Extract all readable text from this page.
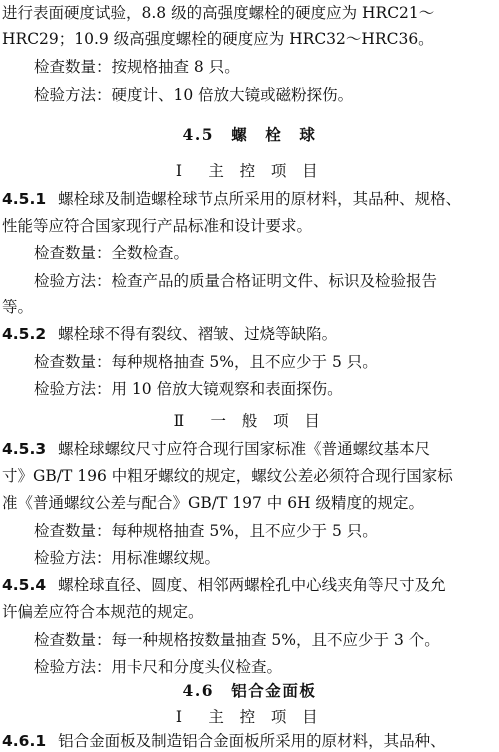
进行表面硬度试验，8.8 级的高强度螺栓的硬度应为 HRC21～
HRC29；10.9 级高强度螺栓的硬度应为 HRC32～HRC36。
检查数量：按规格抽查 8 只。
检验方法：硬度计、10 倍放大镜或磁粉探伤。
4.5　螺　栓　球
Ⅰ　主 控 项 目
4.5.1 螺栓球及制造螺栓球节点所采用的原材料，其品种、规格、
性能等应符合国家现行产品标准和设计要求。
检查数量：全数检查。
检验方法：检查产品的质量合格证明文件、标识及检验报告
等。
4.5.2 螺栓球不得有裂纹、褶皱、过烧等缺陷。
检查数量：每种规格抽查 5%，且不应少于 5 只。
检验方法：用 10 倍放大镜观察和表面探伤。
Ⅱ　一 般 项 目
4.5.3 螺栓球螺纹尺寸应符合现行国家标准《普通螺纹基本尺
寸》GB/T 196 中粗牙螺纹的规定，螺纹公差必须符合现行国家标
准《普通螺纹公差与配合》GB/T 197 中 6H 级精度的规定。
检查数量：每种规格抽查 5%，且不应少于 5 只。
检验方法：用标准螺纹规。
4.5.4 螺栓球直径、圆度、相邻两螺栓孔中心线夹角等尺寸及允
许偏差应符合本规范的规定。
检查数量：每一种规格按数量抽查 5%，且不应少于 3 个。
检验方法：用卡尺和分度头仪检查。
4.6　铝合金面板
Ⅰ　主 控 项 目
4.6.1 铝合金面板及制造铝合金面板所采用的原材料，其品种、
